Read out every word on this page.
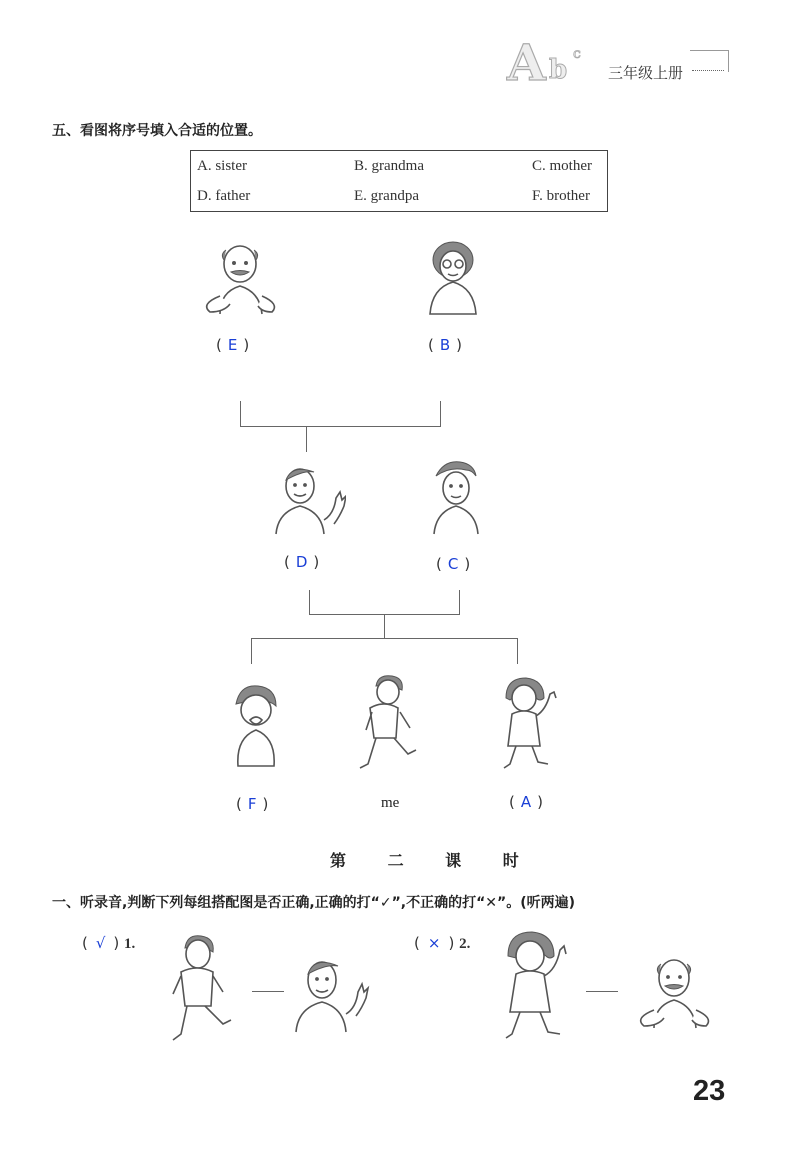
A b
c
三年级上册
五、看图将序号填入合适的位置。
A. sister	B. grandma	C. mother
D. father	E. grandpa	F. brother
( E )	( B )
( D )	( C )
( F )	me	( A )
第 二 课 时
一、听录音,判断下列每组搭配图是否正确,正确的打“✓”,不正确的打“✕”。(听两遍)
( √ ) 1.	( × ) 2.
23
